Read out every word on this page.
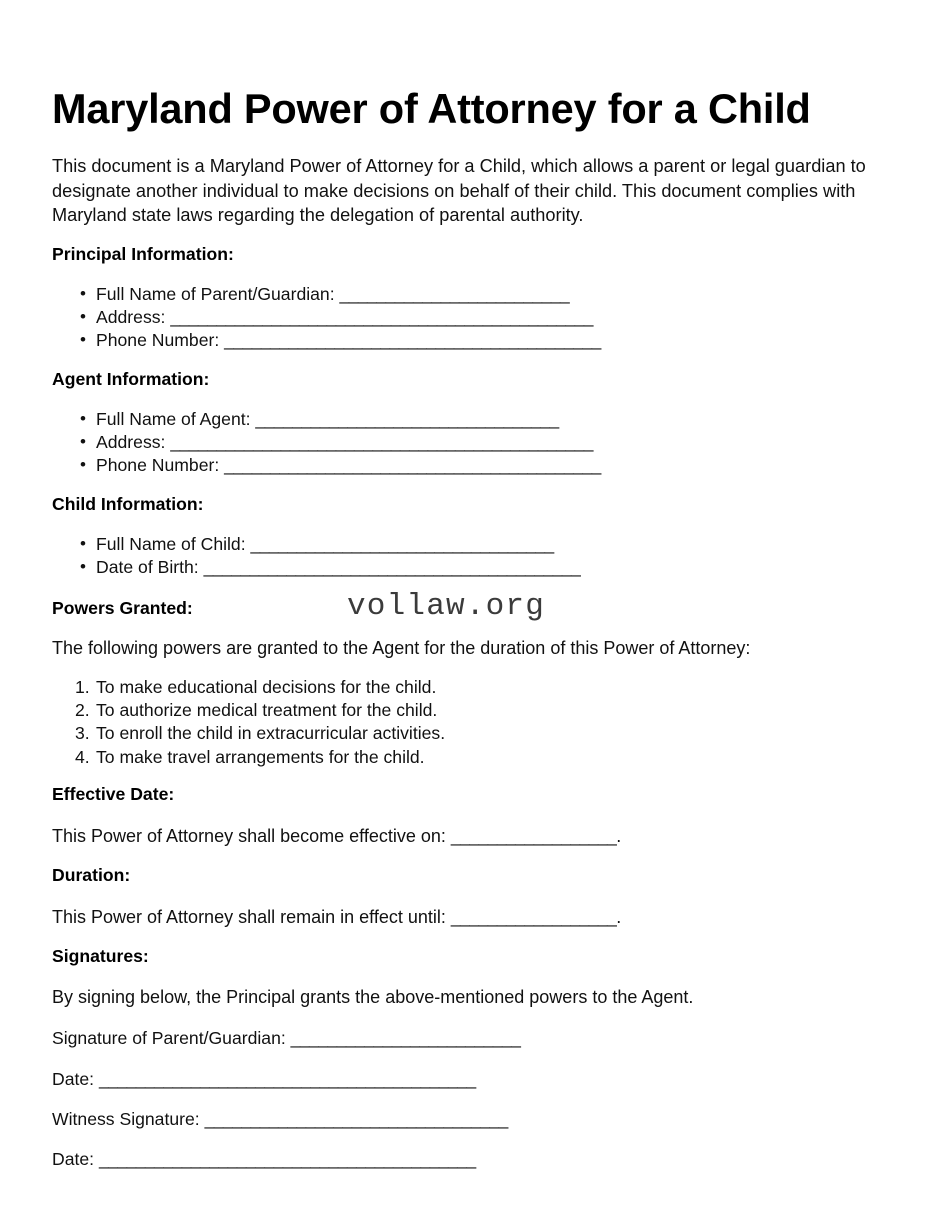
Maryland Power of Attorney for a Child

This document is a Maryland Power of Attorney for a Child, which allows a parent or legal guardian to designate another individual to make decisions on behalf of their child. This document complies with Maryland state laws regarding the delegation of parental authority.

Principal Information:
• Full Name of Parent/Guardian: _________________________
• Address: ______________________________________________
• Phone Number: _________________________________________
Agent Information:
• Full Name of Agent: _________________________________
• Address: ______________________________________________
• Phone Number: _________________________________________
Child Information:
• Full Name of Child: _________________________________
• Date of Birth: _________________________________________
Powers Granted:	vollaw.org
The following powers are granted to the Agent for the duration of this Power of Attorney:
To make educational decisions for the child.
To authorize medical treatment for the child.
To enroll the child in extracurricular activities.
To make travel arrangements for the child.
Effective Date:
This Power of Attorney shall become effective on: __________________.
Duration:
This Power of Attorney shall remain in effect until: __________________.
Signatures:
By signing below, the Principal grants the above-mentioned powers to the Agent.
Signature of Parent/Guardian: _________________________
Date: _________________________________________
Witness Signature: _________________________________
Date: _________________________________________
